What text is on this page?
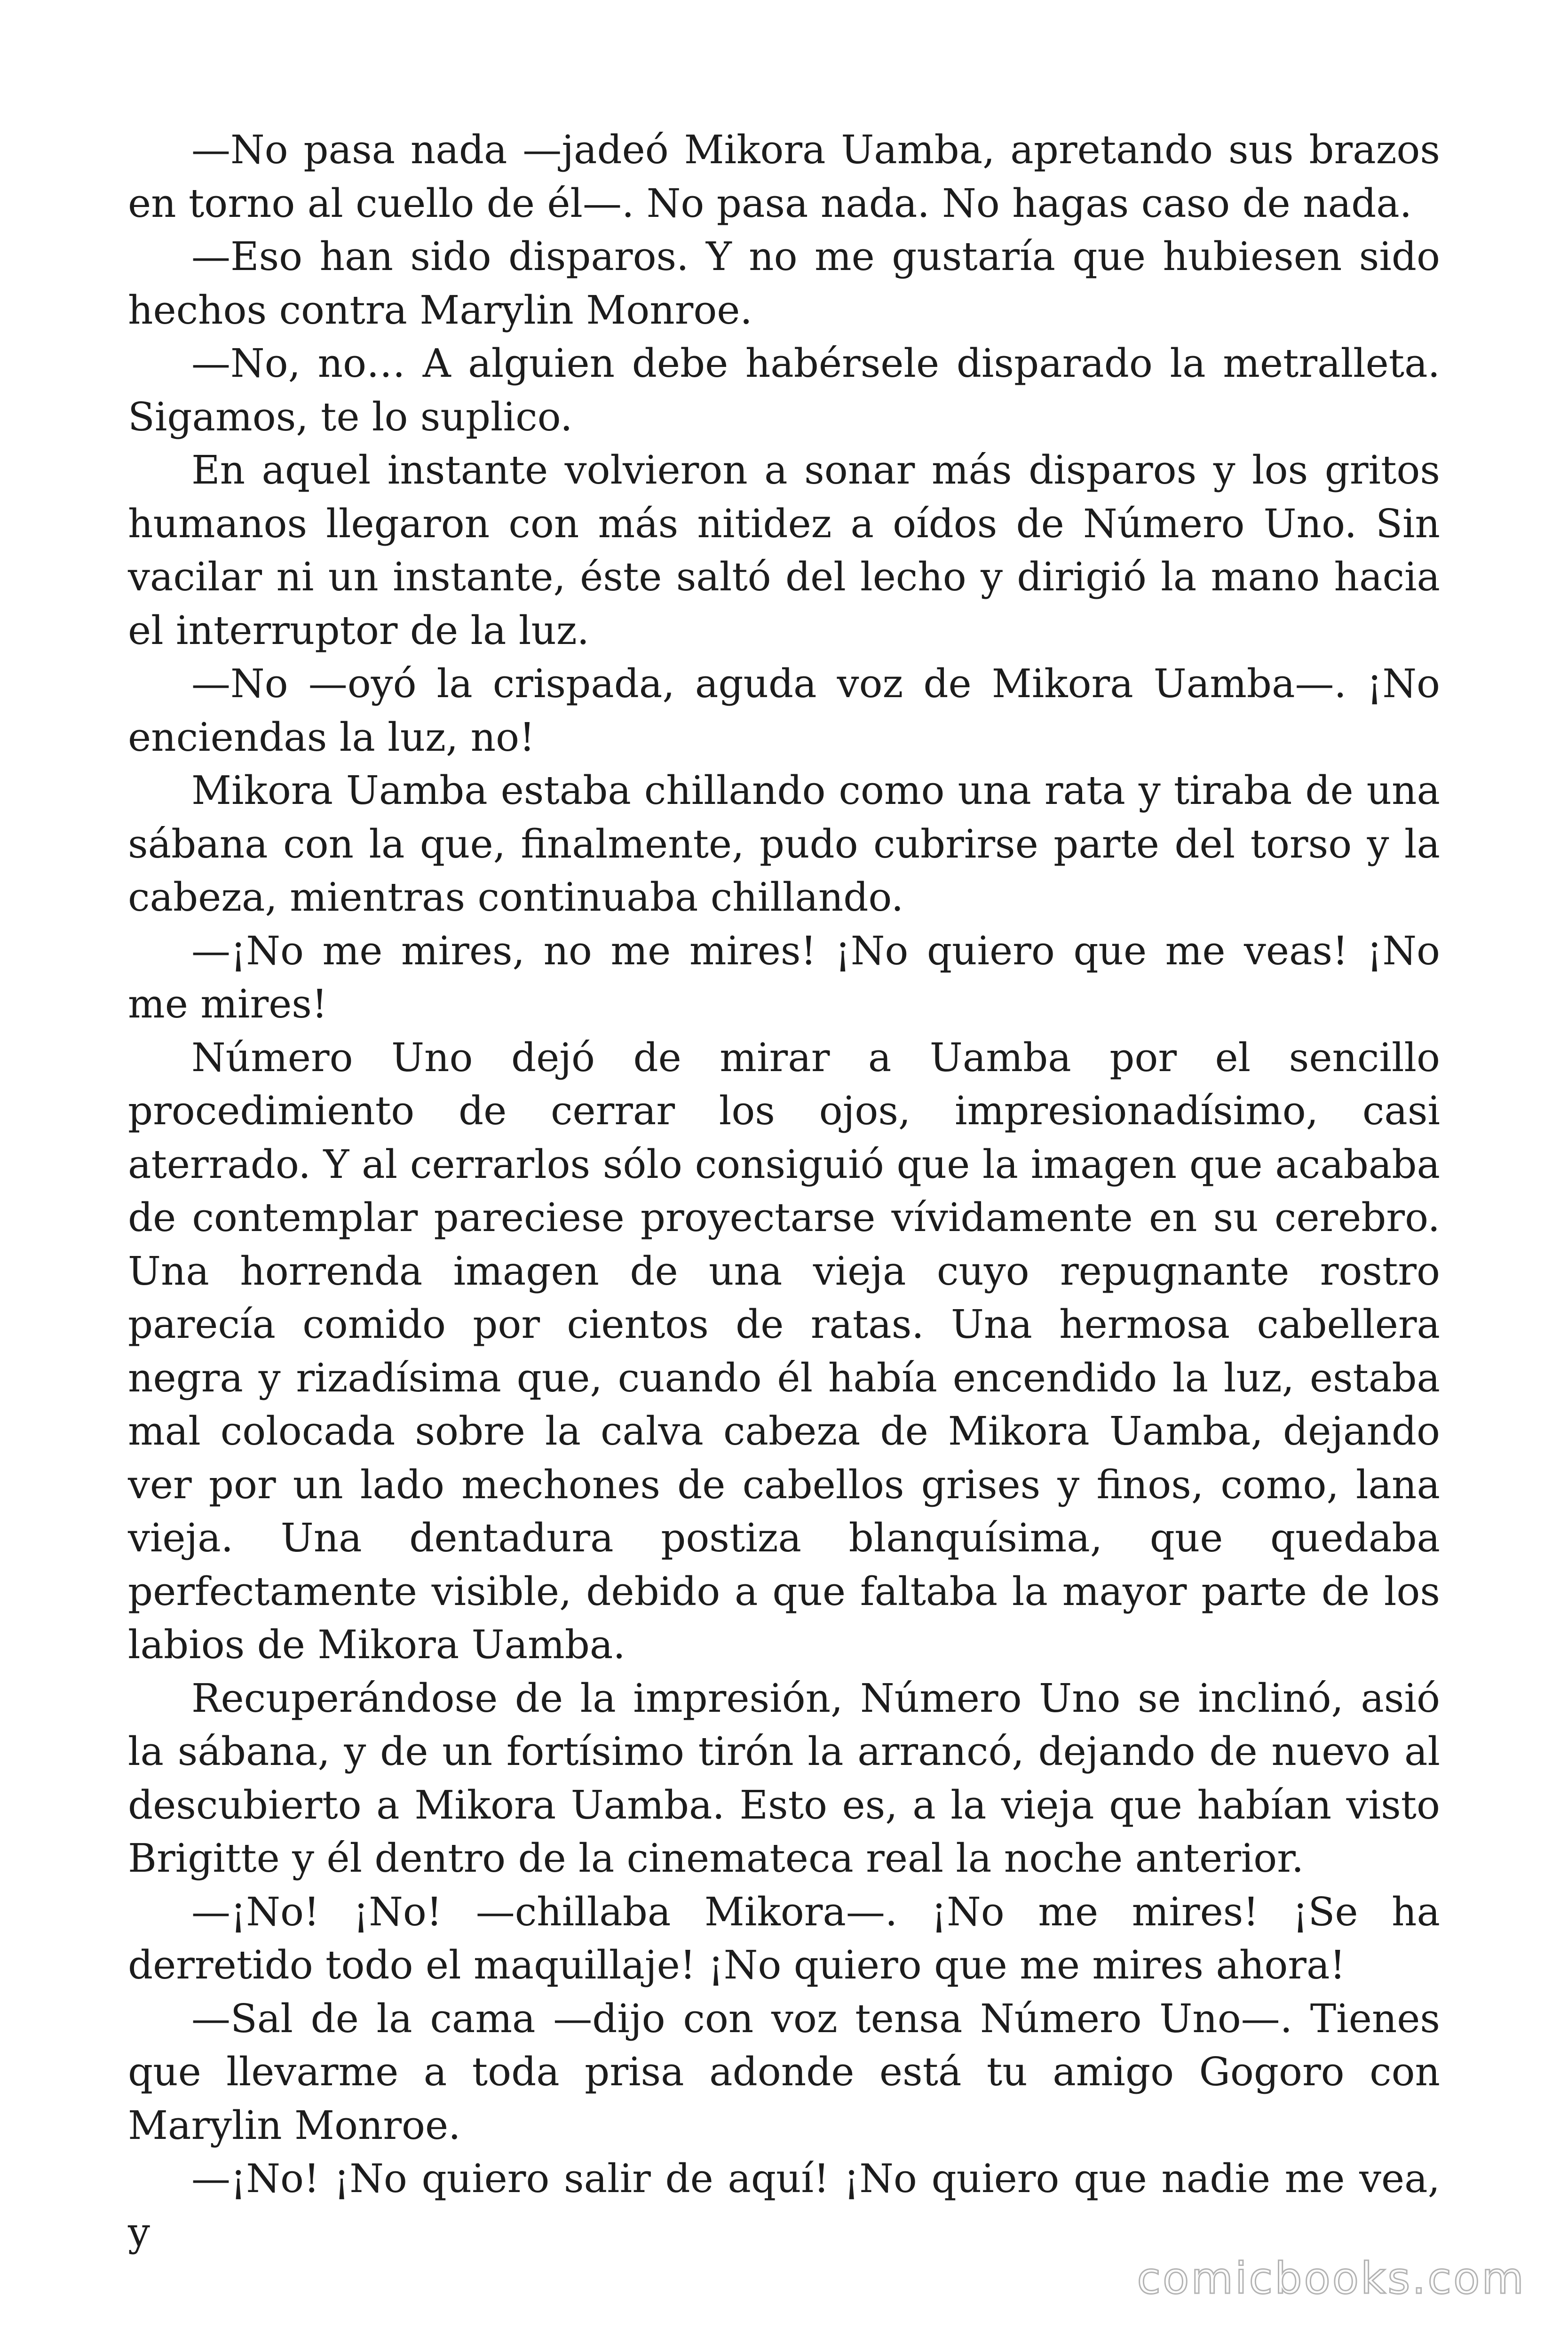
—No pasa nada —jadeó Mikora Uamba, apretando sus brazos en torno al cuello de él—. No pasa nada. No hagas caso de nada.

—Eso han sido disparos. Y no me gustaría que hubiesen sido hechos contra Marylin Monroe.

—No, no… A alguien debe habérsele disparado la metralleta. Sigamos, te lo suplico.

En aquel instante volvieron a sonar más disparos y los gritos humanos llegaron con más nitidez a oídos de Número Uno. Sin vacilar ni un instante, éste saltó del lecho y dirigió la mano hacia el interruptor de la luz.

—No —oyó la crispada, aguda voz de Mikora Uamba—. ¡No enciendas la luz, no!

Mikora Uamba estaba chillando como una rata y tiraba de una sábana con la que, finalmente, pudo cubrirse parte del torso y la cabeza, mientras continuaba chillando.

—¡No me mires, no me mires! ¡No quiero que me veas! ¡No me mires!

Número Uno dejó de mirar a Uamba por el sencillo procedimiento de cerrar los ojos, impresionadísimo, casi aterrado. Y al cerrarlos sólo consiguió que la imagen que acababa de contemplar pareciese proyectarse vívidamente en su cerebro. Una horrenda imagen de una vieja cuyo repugnante rostro parecía comido por cientos de ratas. Una hermosa cabellera negra y rizadísima que, cuando él había encendido la luz, estaba mal colocada sobre la calva cabeza de Mikora Uamba, dejando ver por un lado mechones de cabellos grises y finos, como, lana vieja. Una dentadura postiza blanquísima, que quedaba perfectamente visible, debido a que faltaba la mayor parte de los labios de Mikora Uamba.

Recuperándose de la impresión, Número Uno se inclinó, asió la sábana, y de un fortísimo tirón la arrancó, dejando de nuevo al descubierto a Mikora Uamba. Esto es, a la vieja que habían visto Brigitte y él dentro de la cinemateca real la noche anterior.

—¡No! ¡No! —chillaba Mikora—. ¡No me mires! ¡Se ha derretido todo el maquillaje! ¡No quiero que me mires ahora!

—Sal de la cama —dijo con voz tensa Número Uno—. Tienes que llevarme a toda prisa adonde está tu amigo Gogoro con Marylin Monroe.

—¡No! ¡No quiero salir de aquí! ¡No quiero que nadie me vea, y

comicbooks.com
